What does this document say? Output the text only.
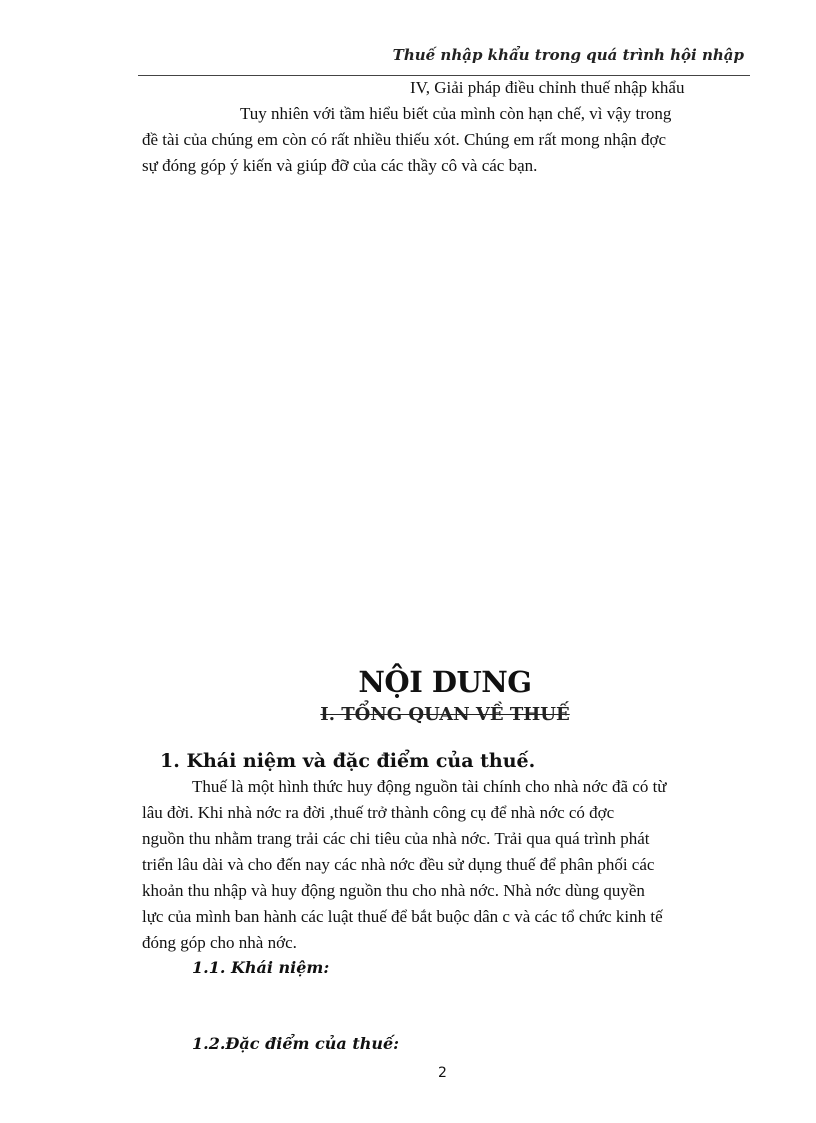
Thuế nhập khẩu trong quá trình hội nhập

IV, Giải pháp điều chỉnh thuế nhập khẩu
Tuy nhiên với tầm hiểu biết của mình còn hạn chế, vì vậy trong
đề tài của chúng em còn có rất nhiều thiếu xót. Chúng em rất mong nhận đợc
sự đóng góp ý kiến và giúp đỡ của các thầy cô và các bạn.

NỘI DUNG
I. TỔNG QUAN VỀ THUẾ
1. Khái niệm và đặc điểm của thuế.

Thuế là một hình thức huy động nguồn tài chính cho nhà nớc đã có từ
lâu đời. Khi nhà nớc ra đời ,thuế trở thành công cụ để nhà nớc có đợc
nguồn thu nhằm trang trải các chi tiêu của nhà nớc. Trải qua quá trình phát
triển lâu dài và cho đến nay các nhà nớc đều sử dụng thuế để phân phối các
khoản thu nhập và huy động nguồn thu cho nhà nớc. Nhà nớc dùng quyền
lực của mình ban hành các luật thuế để bắt buộc dân c và các tổ chức kinh tế
đóng góp cho nhà nớc.

1.1. Khái niệm:
1.2.Đặc điểm của thuế:
2
